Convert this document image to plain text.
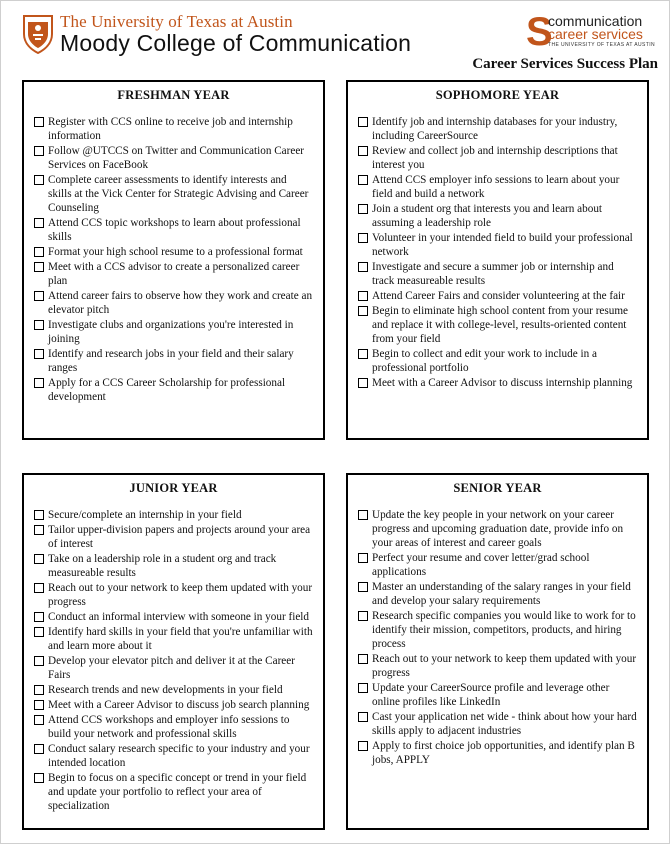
The University of Texas at Austin
Moody College of Communication	S
communication
career services
THE UNIVERSITY OF TEXAS AT AUSTIN
Career Services Success Plan
FRESHMAN YEAR
Register with CCS online to receive job and internship information
Follow @UTCCS on Twitter and Communication Career Services on FaceBook
Complete career assessments to identify interests and skills at the Vick Center for Strategic Advising and Career Counseling
Attend CCS topic workshops to learn about professional skills
Format your high school resume to a professional format
Meet with a CCS advisor to create a personalized career plan
Attend career fairs to observe how they work and create an elevator pitch
Investigate clubs and organizations you're interested in joining
Identify and research jobs in your field and their salary ranges
Apply for a CCS Career Scholarship for professional development
SOPHOMORE YEAR
Identify job and internship databases for your industry, including CareerSource
Review and collect job and internship descriptions that interest you
Attend CCS employer info sessions to learn about your field and build a network
Join a student org that interests you and learn about assuming a leadership role
Volunteer in your intended field to build your professional network
Investigate and secure a summer job or internship and track measureable results
Attend Career Fairs and consider volunteering at the fair
Begin to eliminate high school content from your resume and replace it with college-level, results-oriented content from your field
Begin to collect and edit your work to include in a professional portfolio
Meet with a Career Advisor to discuss internship planning
JUNIOR YEAR
Secure/complete an internship in your field
Tailor upper-division papers and projects around your area of interest
Take on a leadership role in a student org and track measureable results
Reach out to your network to keep them updated with your progress
Conduct an informal interview with someone in your field
Identify hard skills in your field that you're unfamiliar with and learn more about it
Develop your elevator pitch and deliver it at the Career Fairs
Research trends and new developments in your field
Meet with a Career Advisor to discuss job search planning
Attend CCS workshops and employer info sessions to build your network and professional skills
Conduct salary research specific to your industry and your intended location
Begin to focus on a specific concept or trend in your field and update your portfolio to reflect your area of specialization
SENIOR YEAR
Update the key people in your network on your career progress and upcoming graduation date, provide info on your areas of interest and career goals
Perfect your resume and cover letter/grad school applications
Master an understanding of the salary ranges in your field and develop your salary requirements
Research specific companies you would like to work for to identify their mission, competitors, products, and hiring process
Reach out to your network to keep them updated with your progress
Update your CareerSource profile and leverage other online profiles like LinkedIn
Cast your application net wide - think about how your hard skills apply to adjacent industries
Apply to first choice job opportunities, and identify plan B jobs, APPLY
